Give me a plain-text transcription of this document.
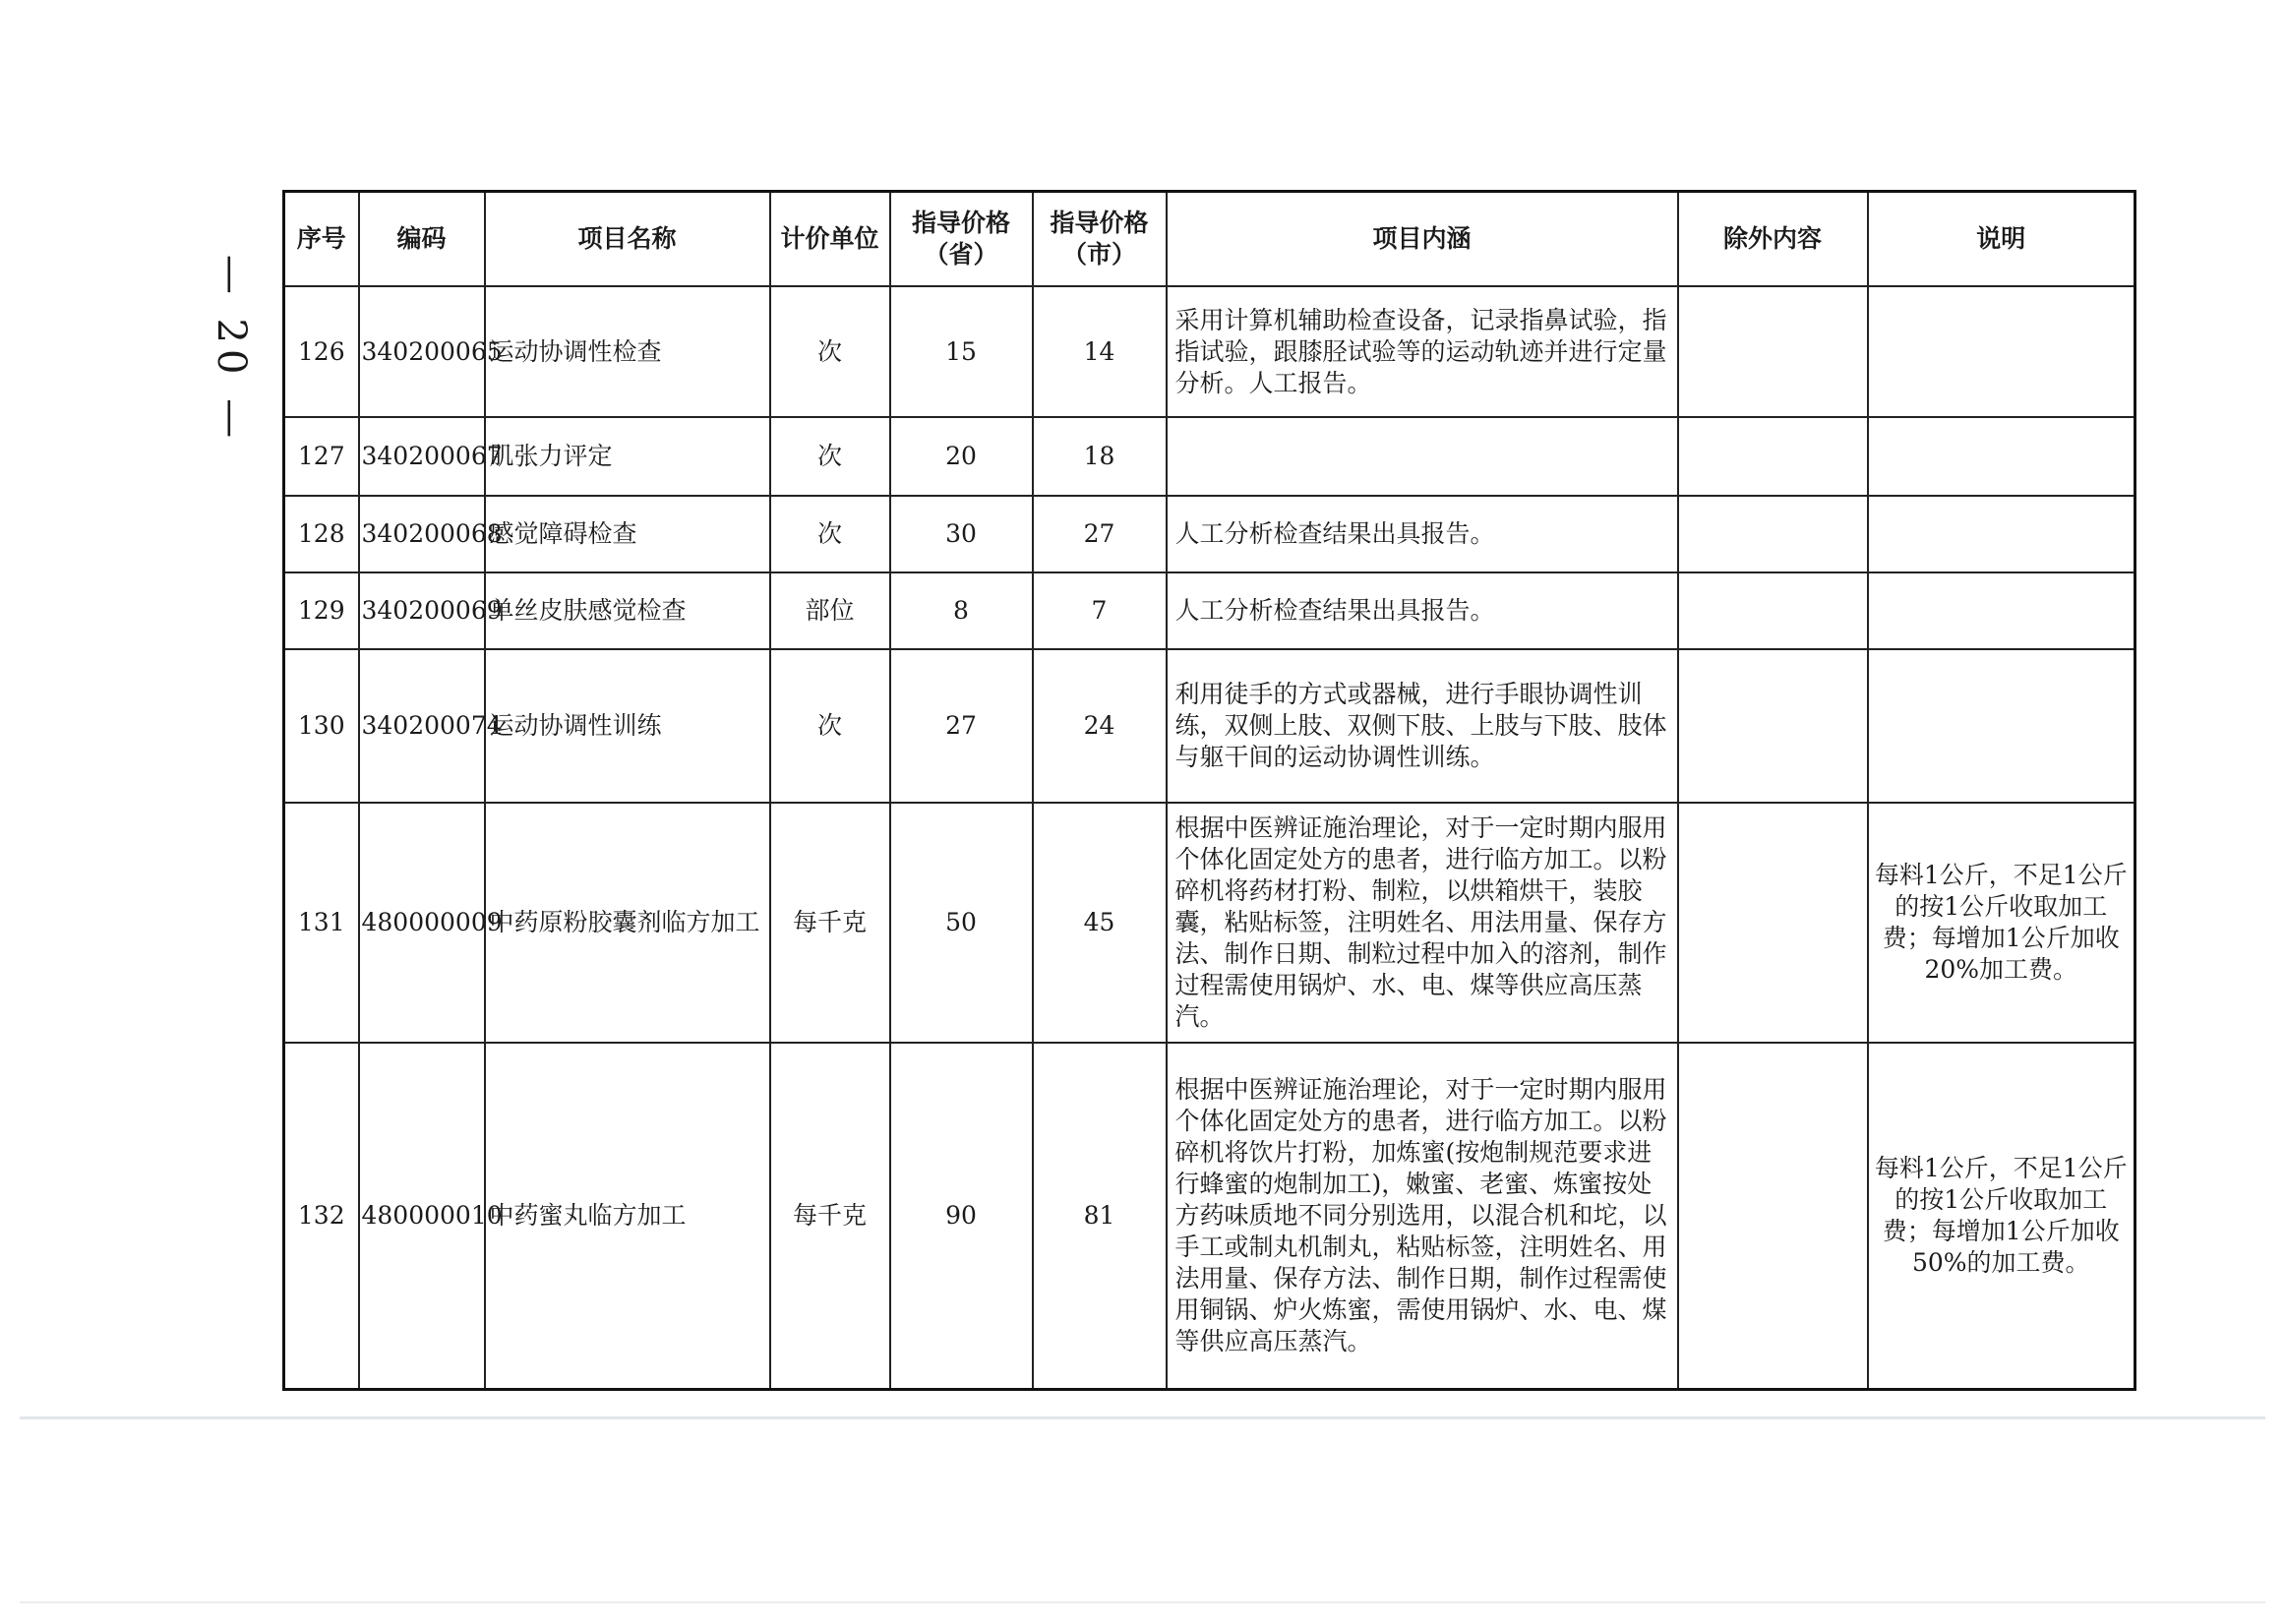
— 20 —
序号	编码	项目名称	计价单位	指导价格（省）	指导价格（市）	项目内涵	除外内容	说明
126	340200065	运动协调性检查	次	15	14	采用计算机辅助检查设备，记录指鼻试验，指指试验，跟膝胫试验等的运动轨迹并进行定量分析。人工报告。		
127	340200067	肌张力评定	次	20	18			
128	340200068	感觉障碍检查	次	30	27	人工分析检查结果出具报告。		
129	340200069	单丝皮肤感觉检查	部位	8	7	人工分析检查结果出具报告。		
130	340200074	运动协调性训练	次	27	24	利用徒手的方式或器械，进行手眼协调性训练，双侧上肢、双侧下肢、上肢与下肢、肢体与躯干间的运动协调性训练。		
131	480000009	中药原粉胶囊剂临方加工	每千克	50	45	根据中医辨证施治理论，对于一定时期内服用个体化固定处方的患者，进行临方加工。以粉碎机将药材打粉、制粒，以烘箱烘干，装胶囊，粘贴标签，注明姓名、用法用量、保存方法、制作日期、制粒过程中加入的溶剂，制作过程需使用锅炉、水、电、煤等供应高压蒸汽。		每料1公斤，不足1公斤的按1公斤收取加工费；每增加1公斤加收20%加工费。
132	480000010	中药蜜丸临方加工	每千克	90	81	根据中医辨证施治理论，对于一定时期内服用个体化固定处方的患者，进行临方加工。以粉碎机将饮片打粉，加炼蜜(按炮制规范要求进行蜂蜜的炮制加工)，嫩蜜、老蜜、炼蜜按处方药味质地不同分别选用，以混合机和坨，以手工或制丸机制丸，粘贴标签，注明姓名、用法用量、保存方法、制作日期，制作过程需使用铜锅、炉火炼蜜，需使用锅炉、水、电、煤等供应高压蒸汽。		每料1公斤，不足1公斤的按1公斤收取加工费；每增加1公斤加收50%的加工费。
